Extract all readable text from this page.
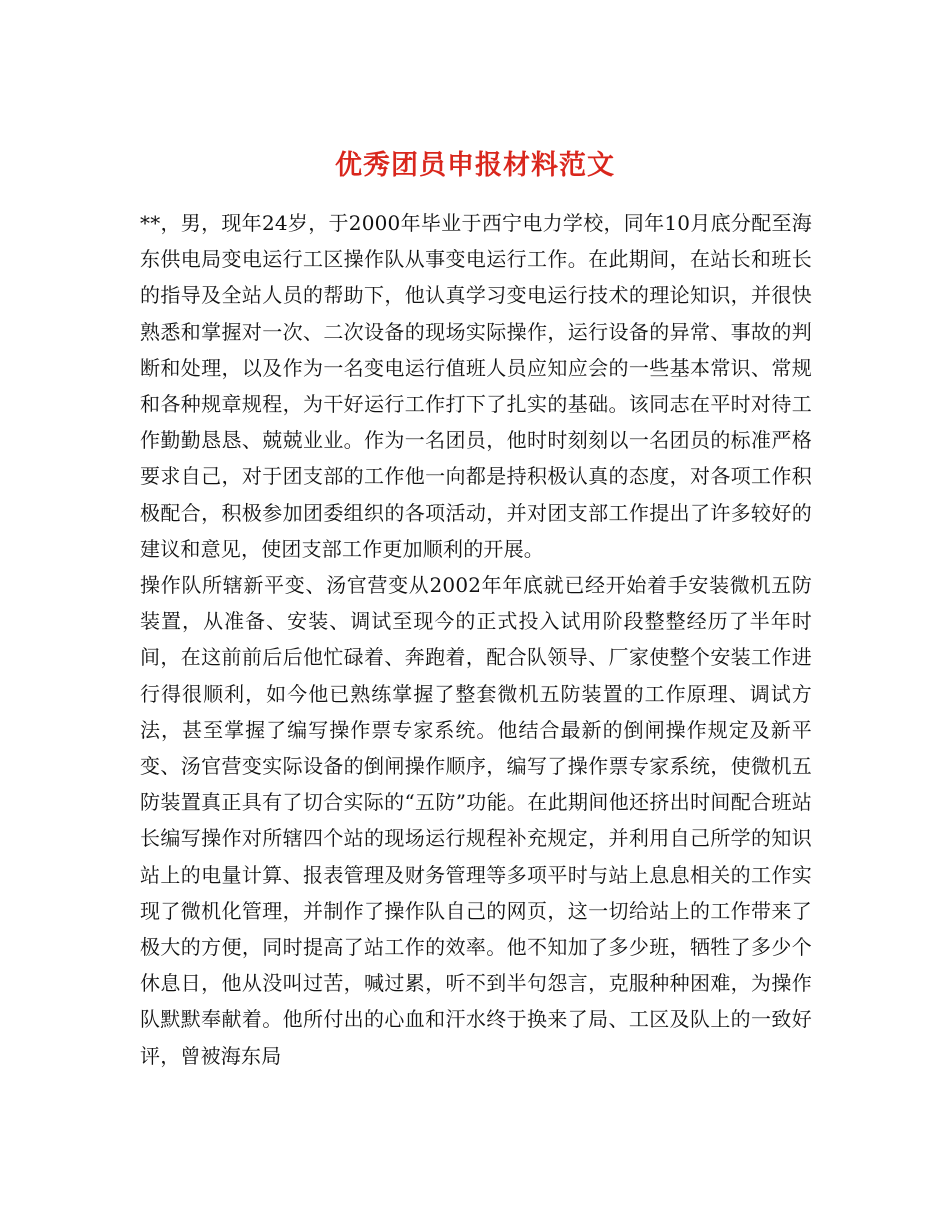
优秀团员申报材料范文

**，男，现年24岁，于2000年毕业于西宁电力学校，同年10月底分配至海东供电局变电运行工区操作队从事变电运行工作。在此期间，在站长和班长的指导及全站人员的帮助下，他认真学习变电运行技术的理论知识，并很快熟悉和掌握对一次、二次设备的现场实际操作，运行设备的异常、事故的判断和处理，以及作为一名变电运行值班人员应知应会的一些基本常识、常规和各种规章规程，为干好运行工作打下了扎实的基础。该同志在平时对待工作勤勤恳恳、兢兢业业。作为一名团员，他时时刻刻以一名团员的标准严格要求自己，对于团支部的工作他一向都是持积极认真的态度，对各项工作积极配合，积极参加团委组织的各项活动，并对团支部工作提出了许多较好的建议和意见，使团支部工作更加顺利的开展。

操作队所辖新平变、汤官营变从2002年年底就已经开始着手安装微机五防装置，从准备、安装、调试至现今的正式投入试用阶段整整经历了半年时间，在这前前后后他忙碌着、奔跑着，配合队领导、厂家使整个安装工作进行得很顺利，如今他已熟练掌握了整套微机五防装置的工作原理、调试方法，甚至掌握了编写操作票专家系统。他结合最新的倒闸操作规定及新平变、汤官营变实际设备的倒闸操作顺序，编写了操作票专家系统，使微机五防装置真正具有了切合实际的“五防”功能。在此期间他还挤出时间配合班站长编写操作对所辖四个站的现场运行规程补充规定，并利用自己所学的知识站上的电量计算、报表管理及财务管理等多项平时与站上息息相关的工作实现了微机化管理，并制作了操作队自己的网页，这一切给站上的工作带来了极大的方便，同时提高了站工作的效率。他不知加了多少班，牺牲了多少个休息日，他从没叫过苦，喊过累，听不到半句怨言，克服种种困难，为操作队默默奉献着。他所付出的心血和汗水终于换来了局、工区及队上的一致好评，曾被海东局
